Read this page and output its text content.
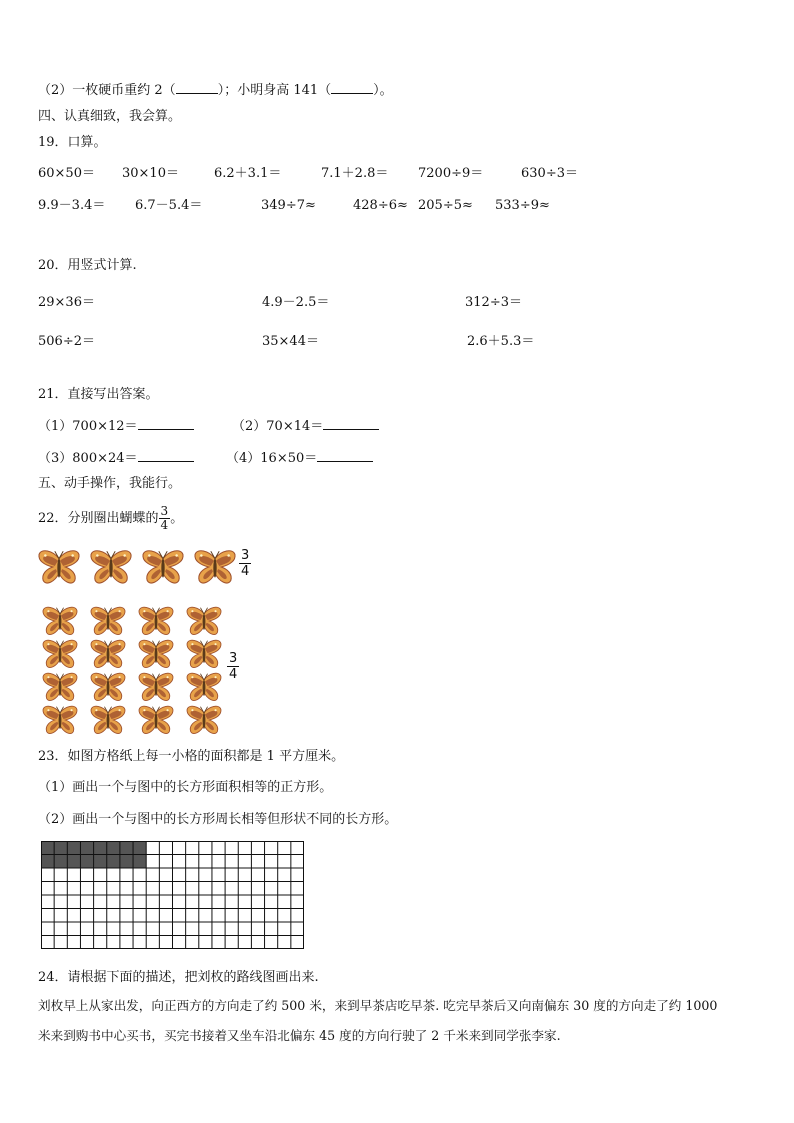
（2）一枚硬币重约 2（	）；小明身高 141（	）。
四、认真细致，我会算。
19．口算。
60×50＝ 30×10＝	6.2＋3.1＝	7.1＋2.8＝ 7200÷9＝	630÷3＝
9.9－3.4＝ 6.7－5.4＝	349÷7≈	428÷6≈ 205÷5≈ 533÷9≈
20．用竖式计算.
29×36＝	4.9－2.5＝	312÷3＝
506÷2＝	35×44＝	2.6＋5.3＝
21．直接写出答案。
（1）700×12＝	（2）70×14＝
（3）800×24＝	（4）16×50＝
五、动手操作，我能行。
22．分别圈出蝴蝶的 $\frac{3}{4}$ 。
$\frac{3}{4}$
$\frac{3}{4}$
23．如图方格纸上每一小格的面积都是 1 平方厘米。
（1）画出一个与图中的长方形面积相等的正方形。
（2）画出一个与图中的长方形周长相等但形状不同的长方形。
24．请根据下面的描述，把刘枚的路线图画出来.
刘枚早上从家出发，向正西方的方向走了约 500 米，来到早茶店吃早茶. 吃完早茶后又向南偏东 30 度的方向走了约 1000
米来到购书中心买书，买完书接着又坐车沿北偏东 45 度的方向行驶了 2 千米来到同学张李家.
